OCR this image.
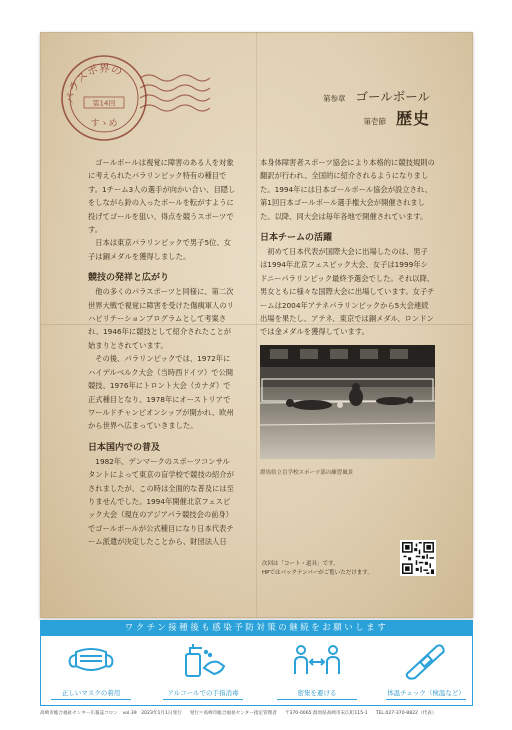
パラスポ界の
第14回
すゝめ
第参章 ゴールボール
第壱節 歴史

ゴールボールは視覚に障害のある人を対象に考えられたパラリンピック特有の種目です。1チーム3人の選手が向かい合い、目隠しをしながら鈴の入ったボールを転がすように投げてゴールを狙い、得点を競うスポーツです。

日本は東京パラリンピックで男子5位、女子は銅メダルを獲得しました。

競技の発祥と広がり

他の多くのパラスポーツと同様に、第二次世界大戦で視覚に障害を受けた傷痍軍人のリハビリテーションプログラムとして考案され、1946年に競技として紹介されたことが始まりとされています。

その後、パラリンピックでは、1972年にハイデルベルク大会（当時西ドイツ）で公開競技、1976年にトロント大会（カナダ）で正式種目となり、1978年にオーストリアでワールドチャンピオンシップが開かれ、欧州から世界へ広まっていきました。

日本国内での普及

1982年、デンマークのスポーツコンサルタントによって東京の盲学校で競技の紹介がされましたが、この時は全面的な普及には至りませんでした。1994年開催北京フェスピック大会（現在のアジアパラ競技会の前身）でゴールボールが公式種目になり日本代表チーム派遣が決定したことから、財団法人日

本身体障害者スポーツ協会により本格的に競技規則の翻訳が行われ、全国的に紹介されるようになりました。1994年には日本ゴールボール協会が設立され、第1回日本ゴールボール選手権大会が開催されました。以降、同大会は毎年各地で開催されています。

日本チームの活躍

初めて日本代表が国際大会に出場したのは、男子は1994年北京フェスピック大会、女子は1999年シドニーパラリンピック最終予選会でした。それ以降、男女ともに様々な国際大会に出場しています。女子チームは2004年アテネパラリンピックから5大会連続出場を果たし、アテネ、東京では銅メダル、ロンドンでは金メダルを獲得しています。

群馬県立盲学校スポーツ部の練習風景
次回は「コート・道具」です。
HPではバックナンバーがご覧いただけます。
ワクチン接種後も感染予防対策の継続をお願いします
正しいマスクの着用	アルコールでの手指消毒	密集を避ける	体温チェック（検温など）
高崎市総合福祉センター広報誌コロン　vol.39　2023年1月1日発行 発行＝高崎市総合福祉センター指定管理者 〒370-0065 群馬県高崎市末広町115-1 TEL.027-370-8822（代表）
